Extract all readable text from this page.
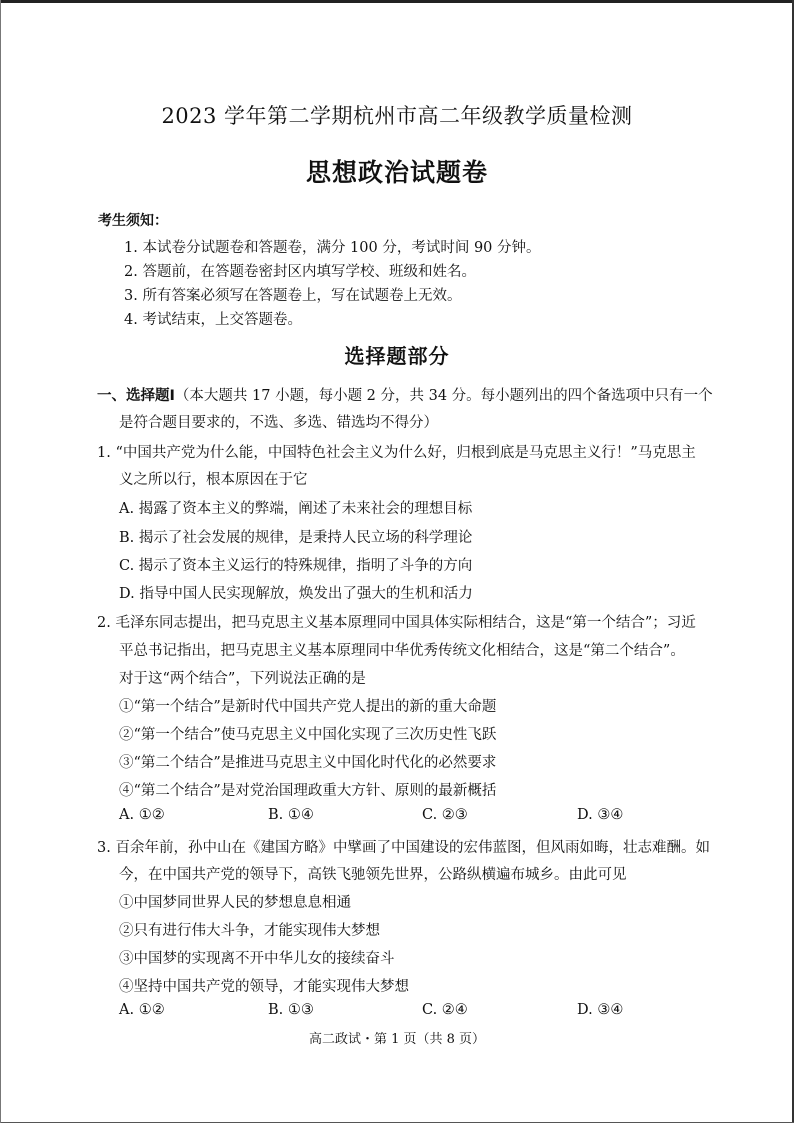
2023 学年第二学期杭州市高二年级教学质量检测
思想政治试题卷
考生须知：
1. 本试卷分试题卷和答题卷，满分 100 分，考试时间 90 分钟。
2. 答题前，在答题卷密封区内填写学校、班级和姓名。
3. 所有答案必须写在答题卷上，写在试题卷上无效。
4. 考试结束，上交答题卷。
选择题部分
一、选择题Ⅰ（本大题共 17 小题，每小题 2 分，共 34 分。每小题列出的四个备选项中只有一个
是符合题目要求的，不选、多选、错选均不得分）
1. “中国共产党为什么能，中国特色社会主义为什么好，归根到底是马克思主义行！”马克思主
义之所以行，根本原因在于它
A. 揭露了资本主义的弊端，阐述了未来社会的理想目标
B. 揭示了社会发展的规律，是秉持人民立场的科学理论
C. 揭示了资本主义运行的特殊规律，指明了斗争的方向
D. 指导中国人民实现解放，焕发出了强大的生机和活力
2. 毛泽东同志提出，把马克思主义基本原理同中国具体实际相结合，这是“第一个结合”；习近
平总书记指出，把马克思主义基本原理同中华优秀传统文化相结合，这是“第二个结合”。
对于这“两个结合”，下列说法正确的是
①“第一个结合”是新时代中国共产党人提出的新的重大命题
②“第一个结合”使马克思主义中国化实现了三次历史性飞跃
③“第二个结合”是推进马克思主义中国化时代化的必然要求
④“第二个结合”是对党治国理政重大方针、原则的最新概括
A. ①②	B. ①④	C. ②③	D. ③④
3. 百余年前，孙中山在《建国方略》中擘画了中国建设的宏伟蓝图，但风雨如晦，壮志难酬。如
今，在中国共产党的领导下，高铁飞驰领先世界，公路纵横遍布城乡。由此可见
①中国梦同世界人民的梦想息息相通
②只有进行伟大斗争，才能实现伟大梦想
③中国梦的实现离不开中华儿女的接续奋斗
④坚持中国共产党的领导，才能实现伟大梦想
A. ①②	B. ①③	C. ②④	D. ③④
高二政试・第 1 页（共 8 页）
